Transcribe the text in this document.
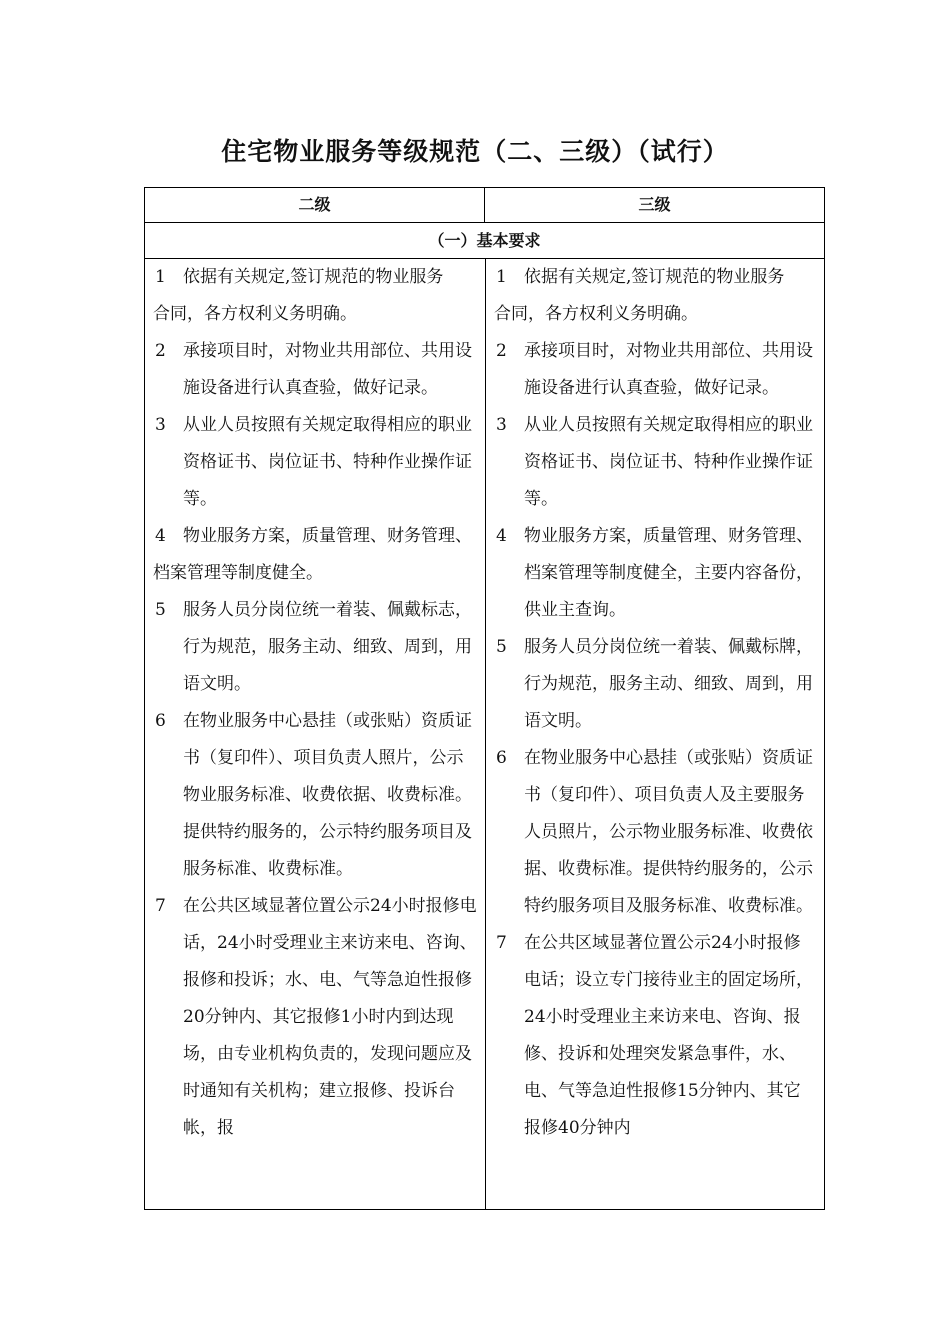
住宅物业服务等级规范（二、三级）（试行）
二级	三级
（一）基本要求

1 依据有关规定,签订规范的物业服务合同，各方权利义务明确。

2 承接项目时，对物业共用部位、共用设施设备进行认真查验，做好记录。

3 从业人员按照有关规定取得相应的职业资格证书、岗位证书、特种作业操作证等。

4 物业服务方案，质量管理、财务管理、档案管理等制度健全。

5 服务人员分岗位统一着装、佩戴标志，行为规范，服务主动、细致、周到，用语文明。

6 在物业服务中心悬挂（或张贴）资质证书（复印件）、项目负责人照片，公示物业服务标准、收费依据、收费标准。提供特约服务的，公示特约服务项目及服务标准、收费标准。

7 在公共区域显著位置公示24小时报修电话，24小时受理业主来访来电、咨询、报修和投诉；水、电、气等急迫性报修20分钟内、其它报修1小时内到达现场，由专业机构负责的，发现问题应及时通知有关机构；建立报修、投诉台帐，报

1 依据有关规定,签订规范的物业服务合同，各方权利义务明确。

2 承接项目时，对物业共用部位、共用设施设备进行认真查验，做好记录。

3 从业人员按照有关规定取得相应的职业资格证书、岗位证书、特种作业操作证等。

4 物业服务方案，质量管理、财务管理、档案管理等制度健全，主要内容备份，供业主查询。

5 服务人员分岗位统一着装、佩戴标牌，行为规范，服务主动、细致、周到，用语文明。

6 在物业服务中心悬挂（或张贴）资质证书（复印件）、项目负责人及主要服务人员照片，公示物业服务标准、收费依据、收费标准。提供特约服务的，公示特约服务项目及服务标准、收费标准。

7 在公共区域显著位置公示24小时报修电话；设立专门接待业主的固定场所，24小时受理业主来访来电、咨询、报修、投诉和处理突发紧急事件，水、电、气等急迫性报修15分钟内、其它报修40分钟内
